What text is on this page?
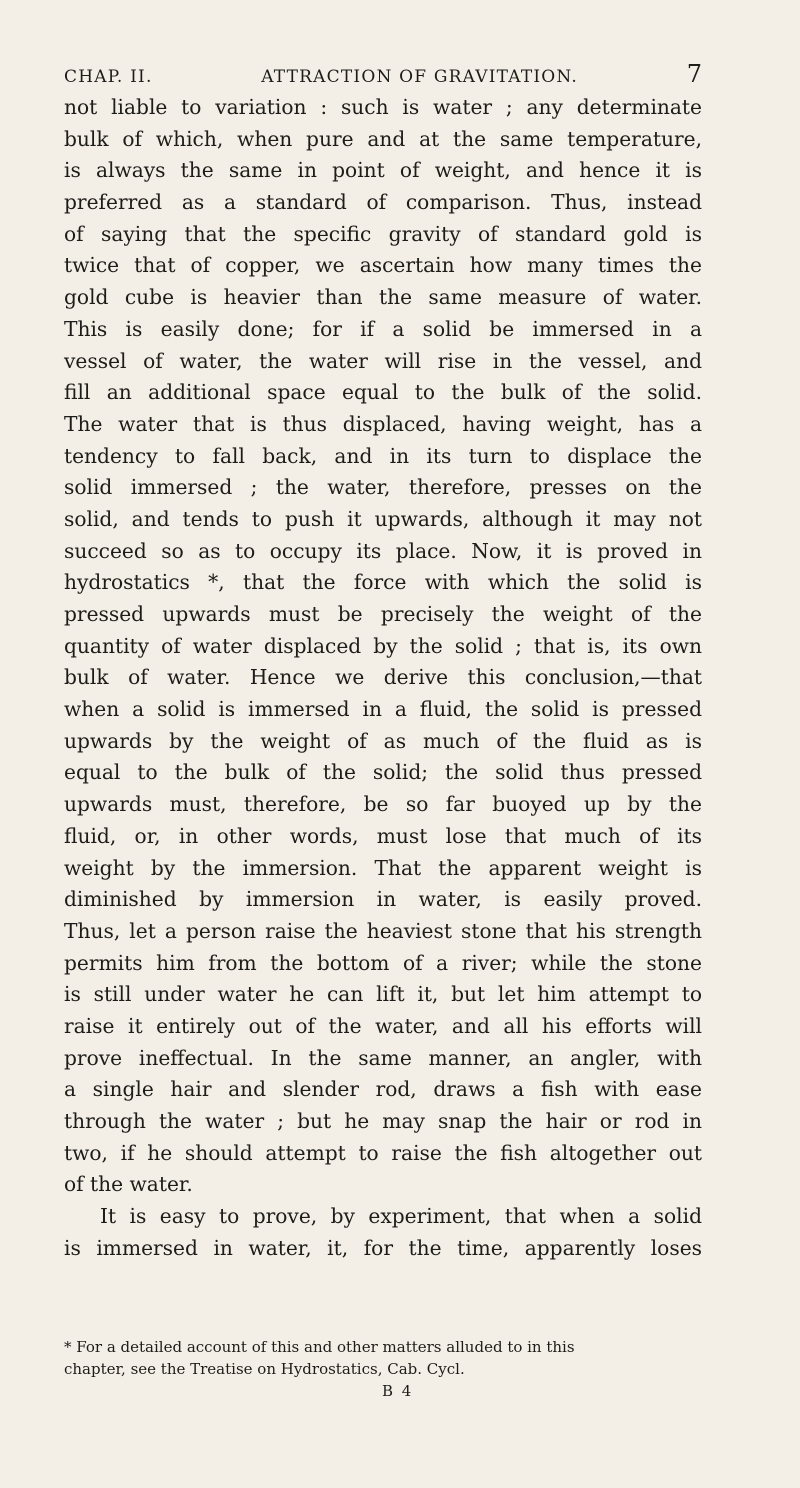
CHAP. II.	ATTRACTION OF GRAVITATION.	7
not liable to variation : such is water ; any determinate
bulk of which, when pure and at the same temperature,
is always the same in point of weight, and hence it is
preferred as a standard of comparison. Thus, instead
of saying that the specific gravity of standard gold is
twice that of copper, we ascertain how many times the
gold cube is heavier than the same measure of water.
This is easily done; for if a solid be immersed in a
vessel of water, the water will rise in the vessel, and
fill an additional space equal to the bulk of the solid.
The water that is thus displaced, having weight, has a
tendency to fall back, and in its turn to displace the
solid immersed ; the water, therefore, presses on the
solid, and tends to push it upwards, although it may not
succeed so as to occupy its place. Now, it is proved in
hydrostatics *, that the force with which the solid is
pressed upwards must be precisely the weight of the
quantity of water displaced by the solid ; that is, its own
bulk of water. Hence we derive this conclusion,—that
when a solid is immersed in a fluid, the solid is pressed
upwards by the weight of as much of the fluid as is
equal to the bulk of the solid; the solid thus pressed
upwards must, therefore, be so far buoyed up by the
fluid, or, in other words, must lose that much of its
weight by the immersion. That the apparent weight is
diminished by immersion in water, is easily proved.
Thus, let a person raise the heaviest stone that his strength
permits him from the bottom of a river; while the stone
is still under water he can lift it, but let him attempt to
raise it entirely out of the water, and all his efforts will
prove ineffectual. In the same manner, an angler, with
a single hair and slender rod, draws a fish with ease
through the water ; but he may snap the hair or rod in
two, if he should attempt to raise the fish altogether out
of the water.
It is easy to prove, by experiment, that when a solid
is immersed in water, it, for the time, apparently loses
* For a detailed account of this and other matters alluded to in this
chapter, see the Treatise on Hydrostatics, Cab. Cycl.
B 4
